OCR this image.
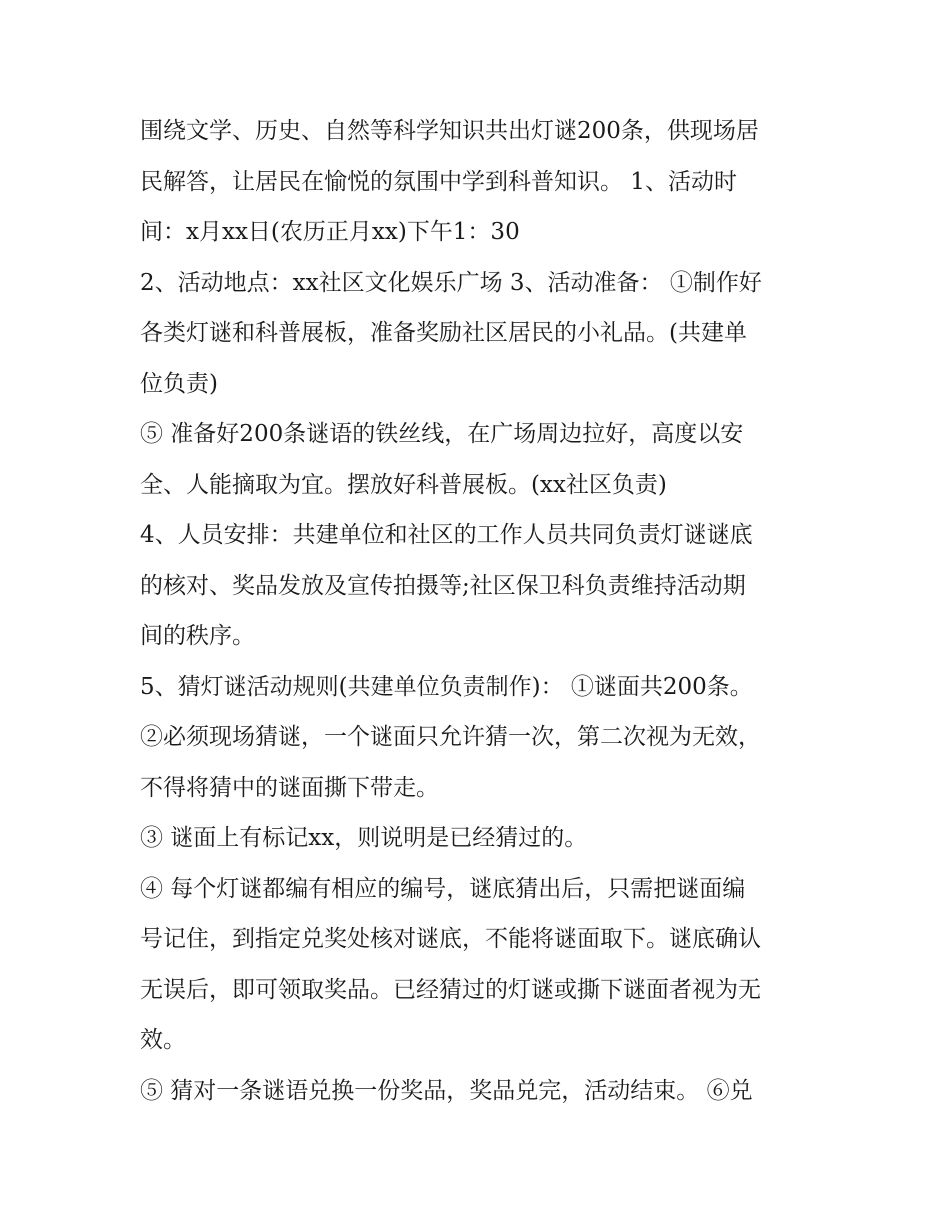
围绕文学、历史、自然等科学知识共出灯谜200条，供现场居
民解答，让居民在愉悦的氛围中学到科普知识。 1、活动时
间：x月xx日(农历正月xx)下午1：30
2、活动地点：xx社区文化娱乐广场 3、活动准备： ①制作好
各类灯谜和科普展板，准备奖励社区居民的小礼品。(共建单
位负责)
⑤ 准备好200条谜语的铁丝线，在广场周边拉好，高度以安
全、人能摘取为宜。摆放好科普展板。(xx社区负责)
4、人员安排：共建单位和社区的工作人员共同负责灯谜谜底
的核对、奖品发放及宣传拍摄等;社区保卫科负责维持活动期
间的秩序。
5、猜灯谜活动规则(共建单位负责制作)： ①谜面共200条。
②必须现场猜谜，一个谜面只允许猜一次，第二次视为无效，
不得将猜中的谜面撕下带走。
③ 谜面上有标记xx，则说明是已经猜过的。
④ 每个灯谜都编有相应的编号，谜底猜出后，只需把谜面编
号记住，到指定兑奖处核对谜底，不能将谜面取下。谜底确认
无误后，即可领取奖品。已经猜过的灯谜或撕下谜面者视为无
效。
⑤ 猜对一条谜语兑换一份奖品，奖品兑完，活动结束。 ⑥兑
